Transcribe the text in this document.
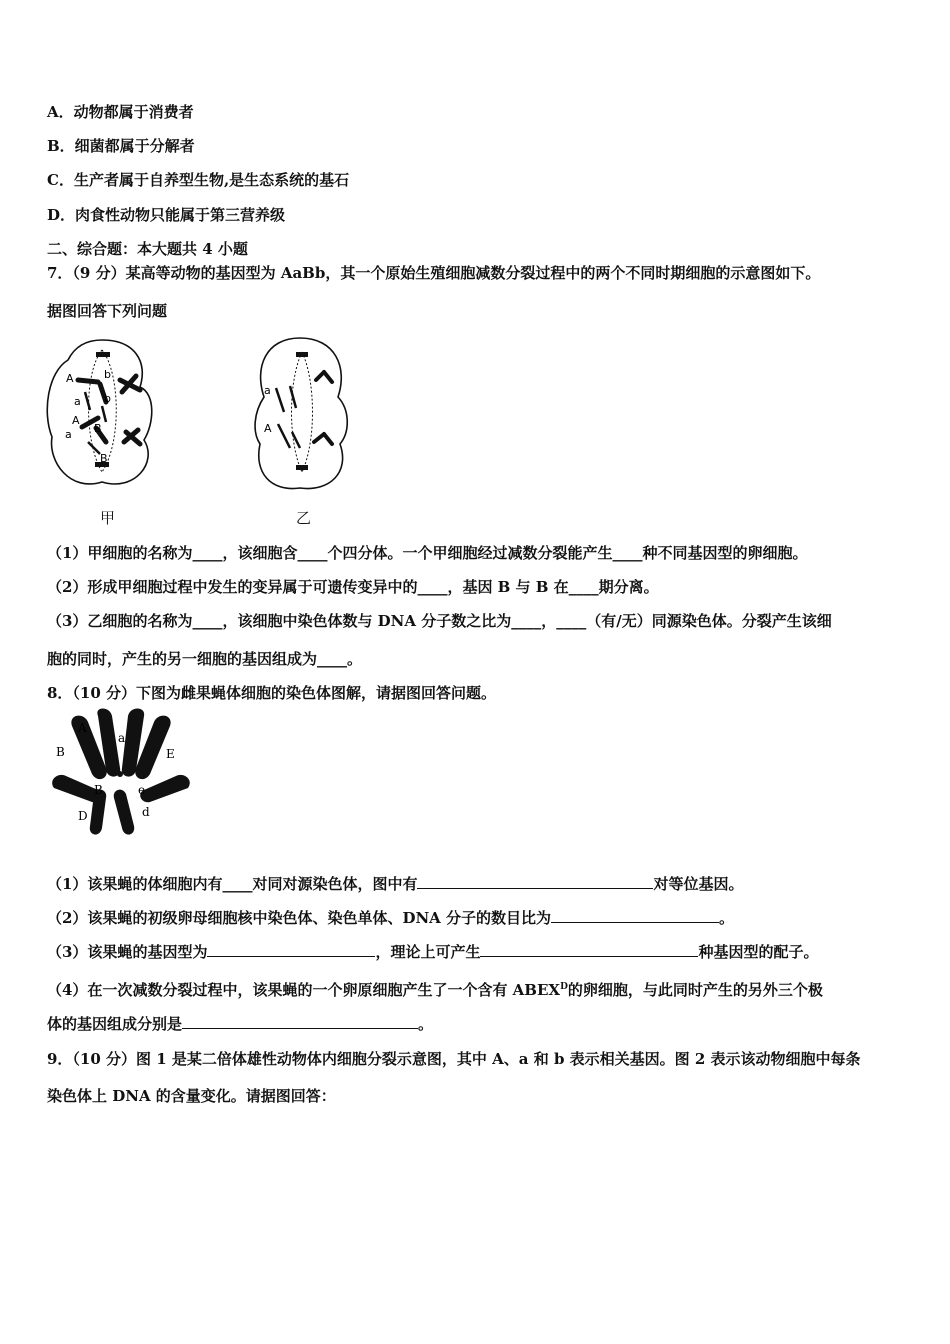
A．动物都属于消费者
B．细菌都属于分解者
C．生产者属于自养型生物,是生态系统的基石
D．肉食性动物只能属于第三营养级
二、综合题：本大题共 4 小题
7．（9 分）某高等动物的基因型为 AaBb，其一个原始生殖细胞减数分裂过程中的两个不同时期细胞的示意图如下。
据图回答下列问题
A
a
b
b
A
a B
B
甲
a
A
乙
（1）甲细胞的名称为____，该细胞含____个四分体。一个甲细胞经过减数分裂能产生____种不同基因型的卵细胞。
（2）形成甲细胞过程中发生的变异属于可遗传变异中的____，基因 B 与 B 在____期分离。
（3）乙细胞的名称为____，该细胞中染色体数与 DNA 分子数之比为____，____（有/无）同源染色体。分裂产生该细
胞的同时，产生的另一细胞的基因组成为____。
8．（10 分）下图为雌果蝇体细胞的染色体图解，请据图回答问题。
A
a
B	E
B	e
D	d
（1）该果蝇的体细胞内有____对同对源染色体，图中有	对等位基因。
（2）该果蝇的初级卵母细胞核中染色体、染色单体、DNA 分子的数目比为	。
（3）该果蝇的基因型为	，理论上可产生	种基因型的配子。
（4）在一次减数分裂过程中，该果蝇的一个卵原细胞产生了一个含有 $ABEX^D$的卵细胞，与此同时产生的另外三个极
体的基因组成分别是	。
9．（10 分）图 1 是某二倍体雄性动物体内细胞分裂示意图，其中 A、a 和 b 表示相关基因。图 2 表示该动物细胞中每条
染色体上 DNA 的含量变化。请据图回答：
